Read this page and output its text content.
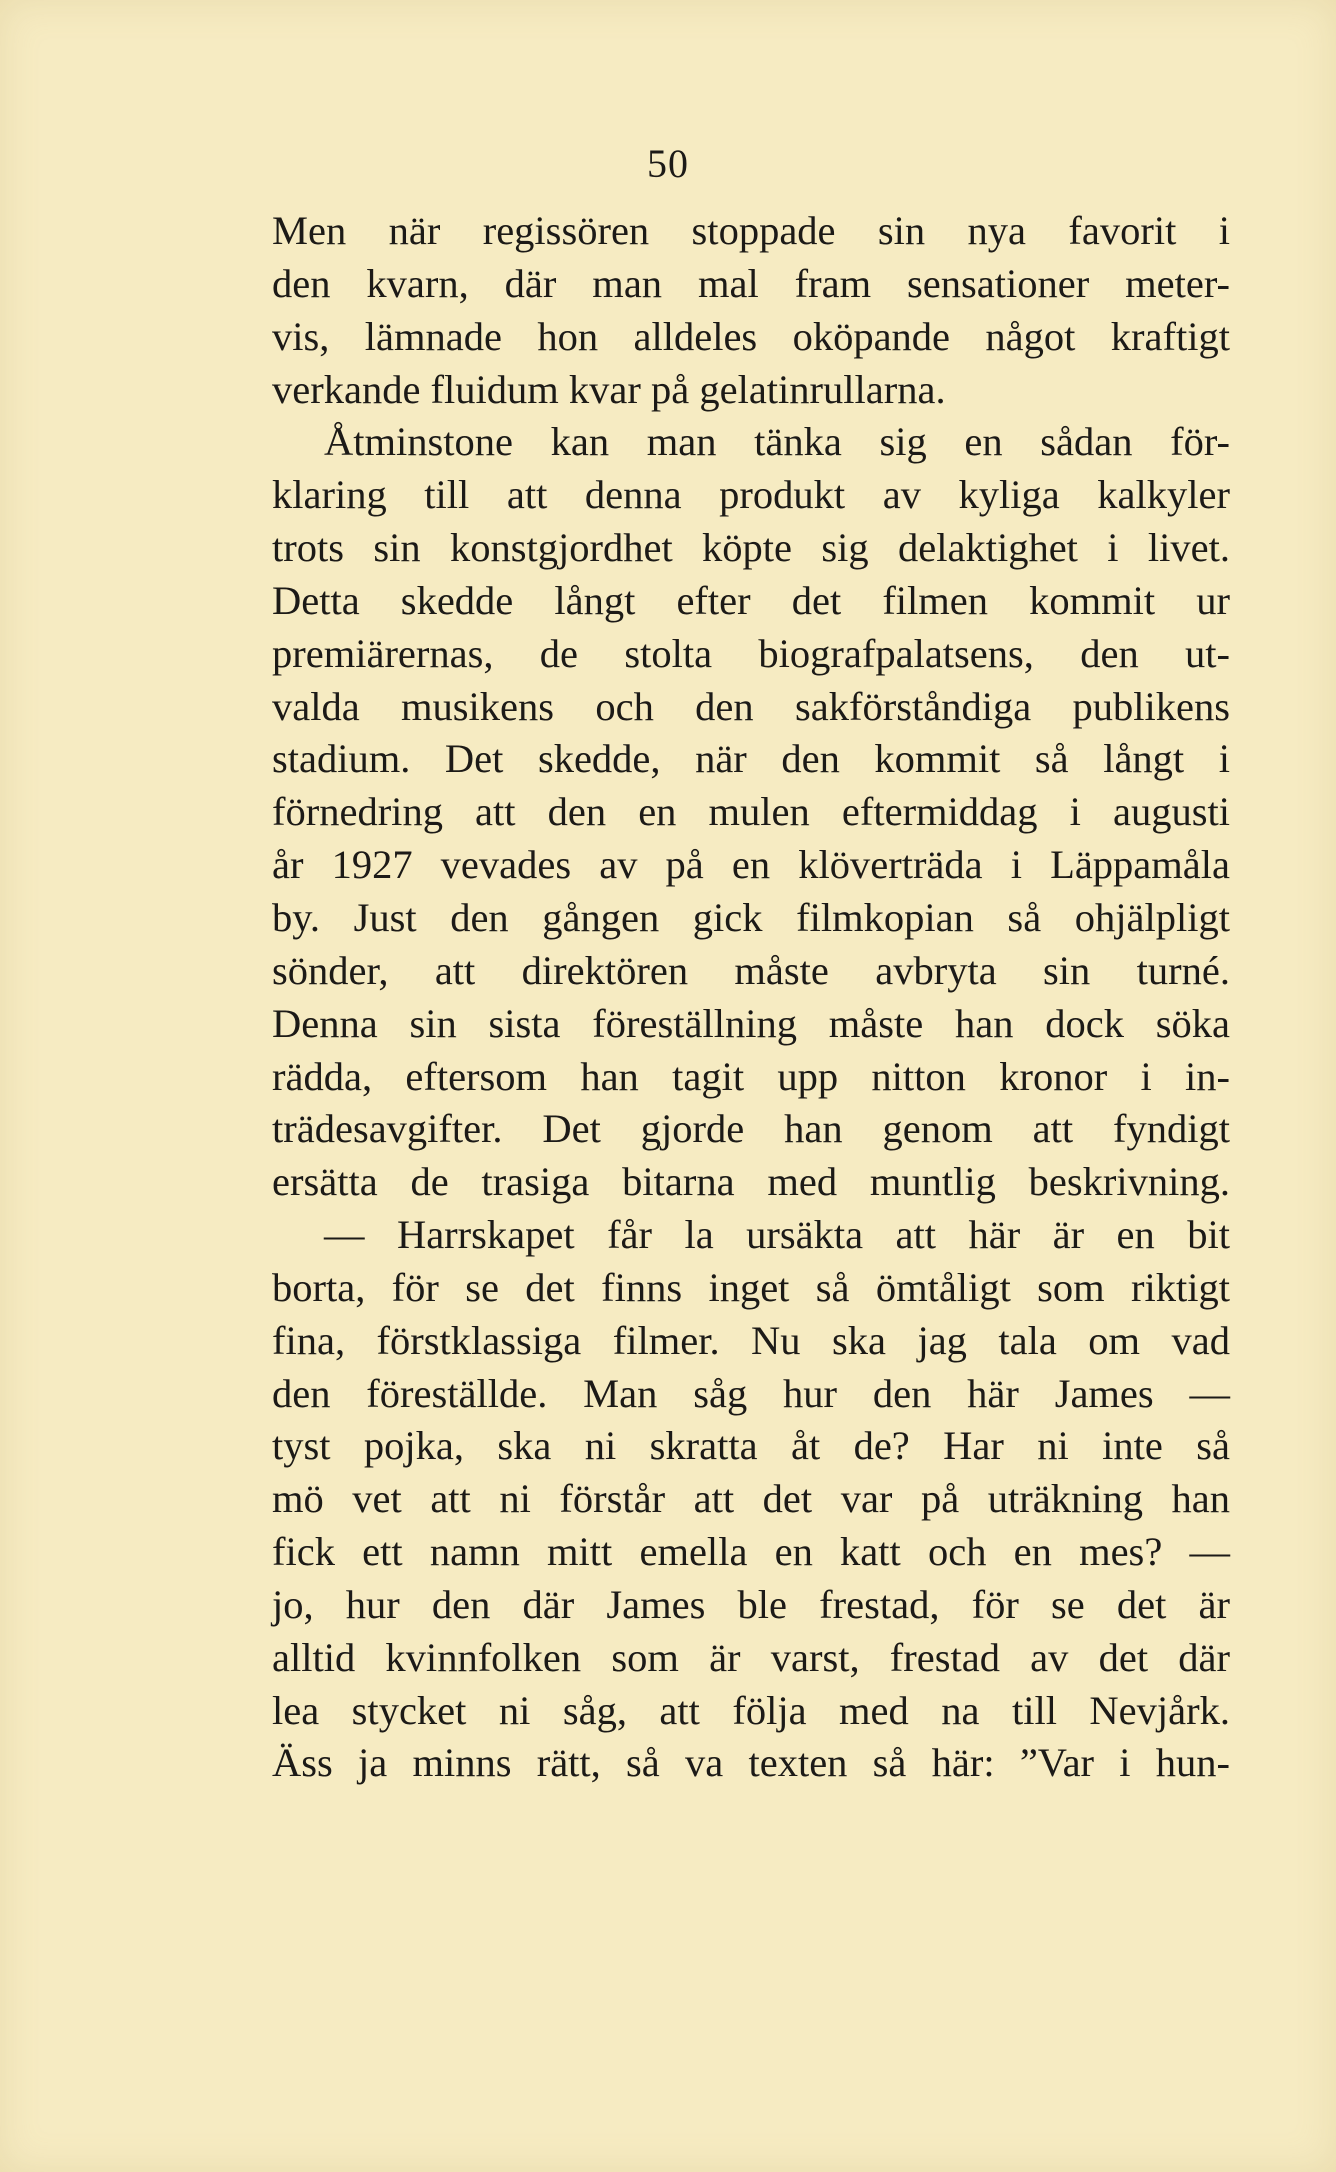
50
Men när regissören stoppade sin nya favorit i
den kvarn, där man mal fram sensationer meter-
vis, lämnade hon alldeles oköpande något kraftigt
verkande fluidum kvar på gelatinrullarna.
Åtminstone kan man tänka sig en sådan för-
klaring till att denna produkt av kyliga kalkyler
trots sin konstgjordhet köpte sig delaktighet i livet.
Detta skedde långt efter det filmen kommit ur
premiärernas, de stolta biografpalatsens, den ut-
valda musikens och den sakförståndiga publikens
stadium. Det skedde, när den kommit så långt i
förnedring att den en mulen eftermiddag i augusti
år 1927 vevades av på en klöverträda i Läppamåla
by. Just den gången gick filmkopian så ohjälpligt
sönder, att direktören måste avbryta sin turné.
Denna sin sista föreställning måste han dock söka
rädda, eftersom han tagit upp nitton kronor i in-
trädesavgifter. Det gjorde han genom att fyndigt
ersätta de trasiga bitarna med muntlig beskrivning.
— Harrskapet får la ursäkta att här är en bit
borta, för se det finns inget så ömtåligt som riktigt
fina, förstklassiga filmer. Nu ska jag tala om vad
den föreställde. Man såg hur den här James —
tyst pojka, ska ni skratta åt de? Har ni inte så
mö vet att ni förstår att det var på uträkning han
fick ett namn mitt emella en katt och en mes? —
jo, hur den där James ble frestad, för se det är
alltid kvinnfolken som är varst, frestad av det där
lea stycket ni såg, att följa med na till Nevjårk.
Äss ja minns rätt, så va texten så här: ”Var i hun-
